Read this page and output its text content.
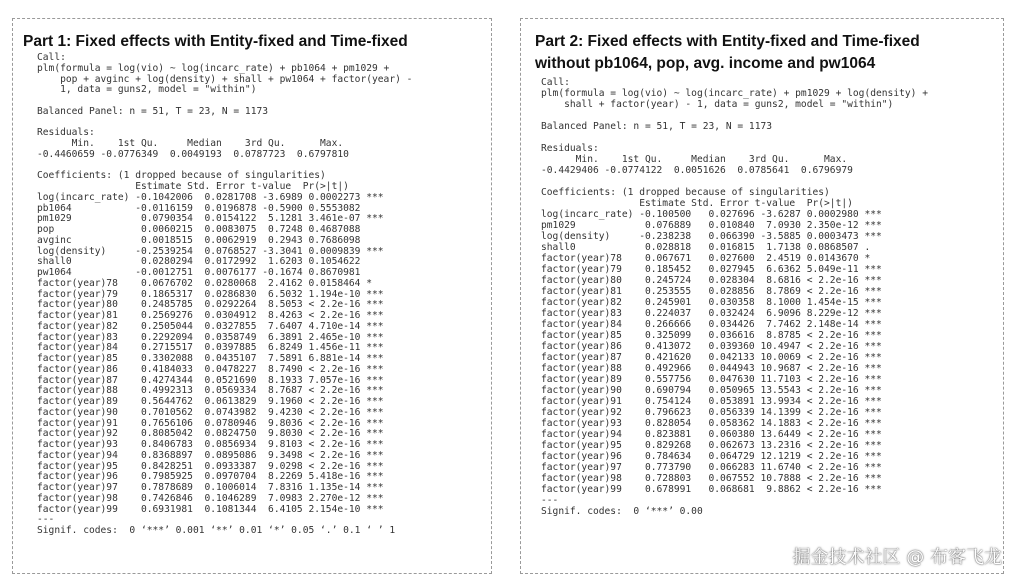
Part 1: Fixed effects with Entity-fixed and Time-fixed
Call:
plm(formula = log(vio) ~ log(incarc_rate) + pb1064 + pm1029 +
pop + avginc + log(density) + shall + pw1064 + factor(year) -
1, data = guns2, model = "within")

Balanced Panel: n = 51, T = 23, N = 1173

Residuals:
Min.    1st Qu.     Median    3rd Qu.      Max.
-0.4460659 -0.0776349  0.0049193  0.0787723  0.6797810

Coefficients: (1 dropped because of singularities)
Estimate Std. Error t-value  Pr(>|t|)
log(incarc_rate) -0.1042006  0.0281708 -3.6989 0.0002273 ***
pb1064           -0.0116159  0.0196878 -0.5900 0.5553082
pm1029            0.0790354  0.0154122  5.1281 3.461e-07 ***
pop               0.0060215  0.0083075  0.7248 0.4687088
avginc            0.0018515  0.0062919  0.2943 0.7686098
log(density)     -0.2539254  0.0768527 -3.3041 0.0009839 ***
shall0            0.0280294  0.0172992  1.6203 0.1054622
pw1064           -0.0012751  0.0076177 -0.1674 0.8670981
factor(year)78    0.0676702  0.0280068  2.4162 0.0158464 *
factor(year)79    0.1865317  0.0286830  6.5032 1.194e-10 ***
factor(year)80    0.2485785  0.0292264  8.5053 < 2.2e-16 ***
factor(year)81    0.2569276  0.0304912  8.4263 < 2.2e-16 ***
factor(year)82    0.2505044  0.0327855  7.6407 4.710e-14 ***
factor(year)83    0.2292094  0.0358749  6.3891 2.465e-10 ***
factor(year)84    0.2715517  0.0397885  6.8249 1.456e-11 ***
factor(year)85    0.3302088  0.0435107  7.5891 6.881e-14 ***
factor(year)86    0.4184033  0.0478227  8.7490 < 2.2e-16 ***
factor(year)87    0.4274344  0.0521690  8.1933 7.057e-16 ***
factor(year)88    0.4992313  0.0569334  8.7687 < 2.2e-16 ***
factor(year)89    0.5644762  0.0613829  9.1960 < 2.2e-16 ***
factor(year)90    0.7010562  0.0743982  9.4230 < 2.2e-16 ***
factor(year)91    0.7656106  0.0780946  9.8036 < 2.2e-16 ***
factor(year)92    0.8085042  0.0824750  9.8030 < 2.2e-16 ***
factor(year)93    0.8406783  0.0856934  9.8103 < 2.2e-16 ***
factor(year)94    0.8368897  0.0895086  9.3498 < 2.2e-16 ***
factor(year)95    0.8428251  0.0933387  9.0298 < 2.2e-16 ***
factor(year)96    0.7985925  0.0970704  8.2269 5.418e-16 ***
factor(year)97    0.7878689  0.1006014  7.8316 1.135e-14 ***
factor(year)98    0.7426846  0.1046289  7.0983 2.270e-12 ***
factor(year)99    0.6931981  0.1081344  6.4105 2.154e-10 ***
---
Signif. codes:  0 ‘***’ 0.001 ‘**’ 0.01 ‘*’ 0.05 ‘.’ 0.1 ‘ ’ 1
Part 2: Fixed effects with Entity-fixed and Time-fixed
without pb1064, pop, avg. income and pw1064
Call:
plm(formula = log(vio) ~ log(incarc_rate) + pm1029 + log(density) +
shall + factor(year) - 1, data = guns2, model = "within")

Balanced Panel: n = 51, T = 23, N = 1173

Residuals:
Min.    1st Qu.     Median    3rd Qu.      Max.
-0.4429406 -0.0774122  0.0051626  0.0785641  0.6796979

Coefficients: (1 dropped because of singularities)
Estimate Std. Error t-value  Pr(>|t|)
log(incarc_rate) -0.100500   0.027696 -3.6287 0.0002980 ***
pm1029            0.076889   0.010840  7.0930 2.350e-12 ***
log(density)     -0.238238   0.066390 -3.5885 0.0003473 ***
shall0            0.028818   0.016815  1.7138 0.0868507 .
factor(year)78    0.067671   0.027600  2.4519 0.0143670 *
factor(year)79    0.185452   0.027945  6.6362 5.049e-11 ***
factor(year)80    0.245724   0.028304  8.6816 < 2.2e-16 ***
factor(year)81    0.253555   0.028856  8.7869 < 2.2e-16 ***
factor(year)82    0.245901   0.030358  8.1000 1.454e-15 ***
factor(year)83    0.224037   0.032424  6.9096 8.229e-12 ***
factor(year)84    0.266666   0.034426  7.7462 2.148e-14 ***
factor(year)85    0.325099   0.036616  8.8785 < 2.2e-16 ***
factor(year)86    0.413072   0.039360 10.4947 < 2.2e-16 ***
factor(year)87    0.421620   0.042133 10.0069 < 2.2e-16 ***
factor(year)88    0.492966   0.044943 10.9687 < 2.2e-16 ***
factor(year)89    0.557756   0.047630 11.7103 < 2.2e-16 ***
factor(year)90    0.690794   0.050965 13.5543 < 2.2e-16 ***
factor(year)91    0.754124   0.053891 13.9934 < 2.2e-16 ***
factor(year)92    0.796623   0.056339 14.1399 < 2.2e-16 ***
factor(year)93    0.828054   0.058362 14.1883 < 2.2e-16 ***
factor(year)94    0.823881   0.060380 13.6449 < 2.2e-16 ***
factor(year)95    0.829268   0.062673 13.2316 < 2.2e-16 ***
factor(year)96    0.784634   0.064729 12.1219 < 2.2e-16 ***
factor(year)97    0.773790   0.066283 11.6740 < 2.2e-16 ***
factor(year)98    0.728803   0.067552 10.7888 < 2.2e-16 ***
factor(year)99    0.678991   0.068681  9.8862 < 2.2e-16 ***
---
Signif. codes:  0 ‘***’ 0.00
掘金技术社区 @ 布客飞龙
